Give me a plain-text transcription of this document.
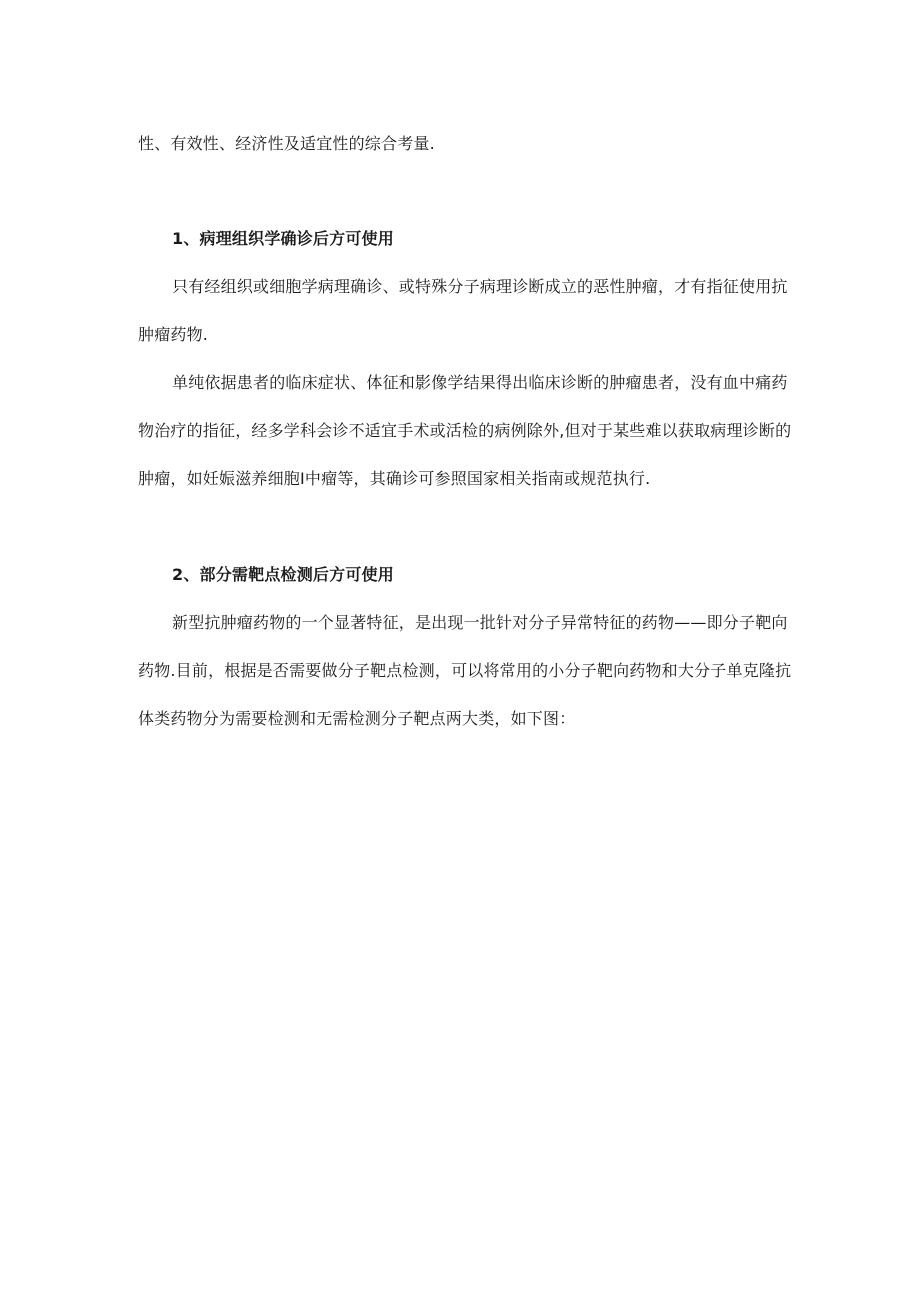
性、有效性、经济性及适宜性的综合考量.
1、病理组织学确诊后方可使用
只有经组织或细胞学病理确诊、或特殊分子病理诊断成立的恶性肿瘤，才有指征使用抗
肿瘤药物.
单纯依据患者的临床症状、体征和影像学结果得出临床诊断的肿瘤患者，没有血中痛药
物治疗的指征，经多学科会诊不适宜手术或活检的病例除外,但对于某些难以获取病理诊断的
肿瘤，如妊娠滋养细胞I中瘤等，其确诊可参照国家相关指南或规范执行.
2、部分需靶点检测后方可使用
新型抗肿瘤药物的一个显著特征，是出现一批针对分子异常特征的药物——即分子靶向
药物.目前，根据是否需要做分子靶点检测，可以将常用的小分子靶向药物和大分子单克隆抗
体类药物分为需要检测和无需检测分子靶点两大类，如下图：
